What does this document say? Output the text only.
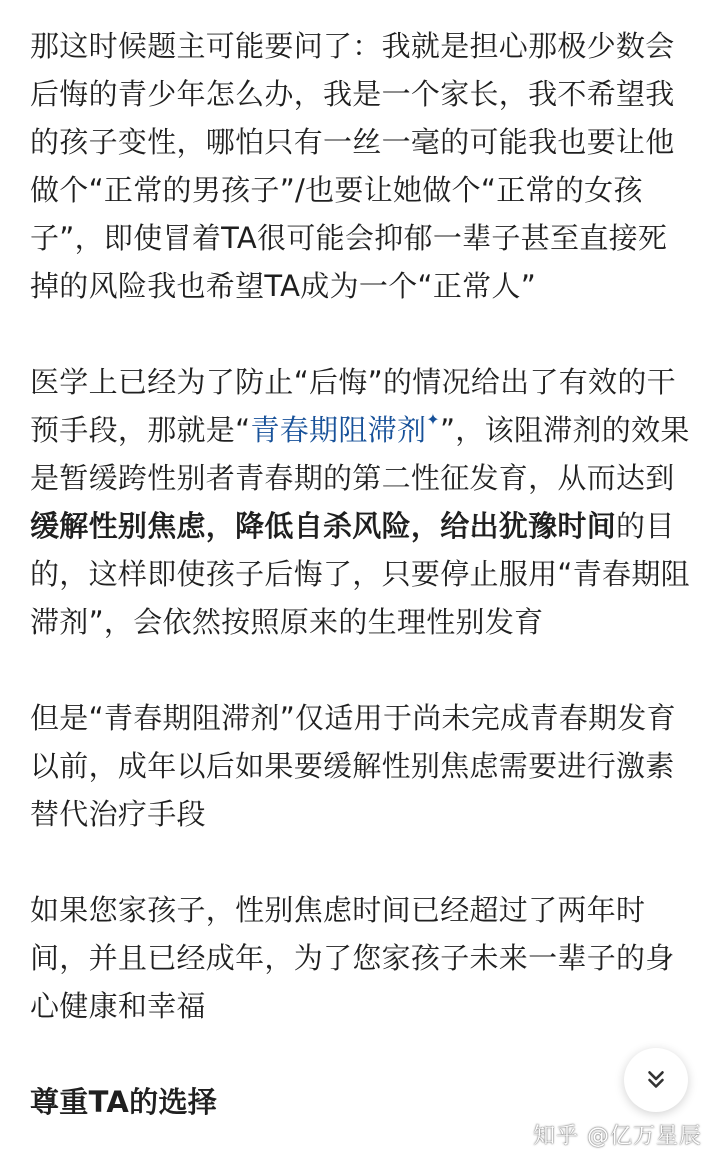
那这时候题主可能要问了：我就是担心那极少数会后悔的青少年怎么办，我是一个家长，我不希望我的孩子变性，哪怕只有一丝一毫的可能我也要让他做个“正常的男孩子”/也要让她做个“正常的女孩子”，即使冒着TA很可能会抑郁一辈子甚至直接死掉的风险我也希望TA成为一个“正常人”

医学上已经为了防止“后悔”的情况给出了有效的干预手段，那就是“青春期阻滞剂✦”，该阻滞剂的效果是暂缓跨性别者青春期的第二性征发育，从而达到缓解性别焦虑，降低自杀风险，给出犹豫时间的目的，这样即使孩子后悔了，只要停止服用“青春期阻滞剂”，会依然按照原来的生理性别发育

但是“青春期阻滞剂”仅适用于尚未完成青春期发育以前，成年以后如果要缓解性别焦虑需要进行激素替代治疗手段

如果您家孩子，性别焦虑时间已经超过了两年时间，并且已经成年，为了您家孩子未来一辈子的身心健康和幸福

尊重TA的选择

知乎 @亿万星辰
